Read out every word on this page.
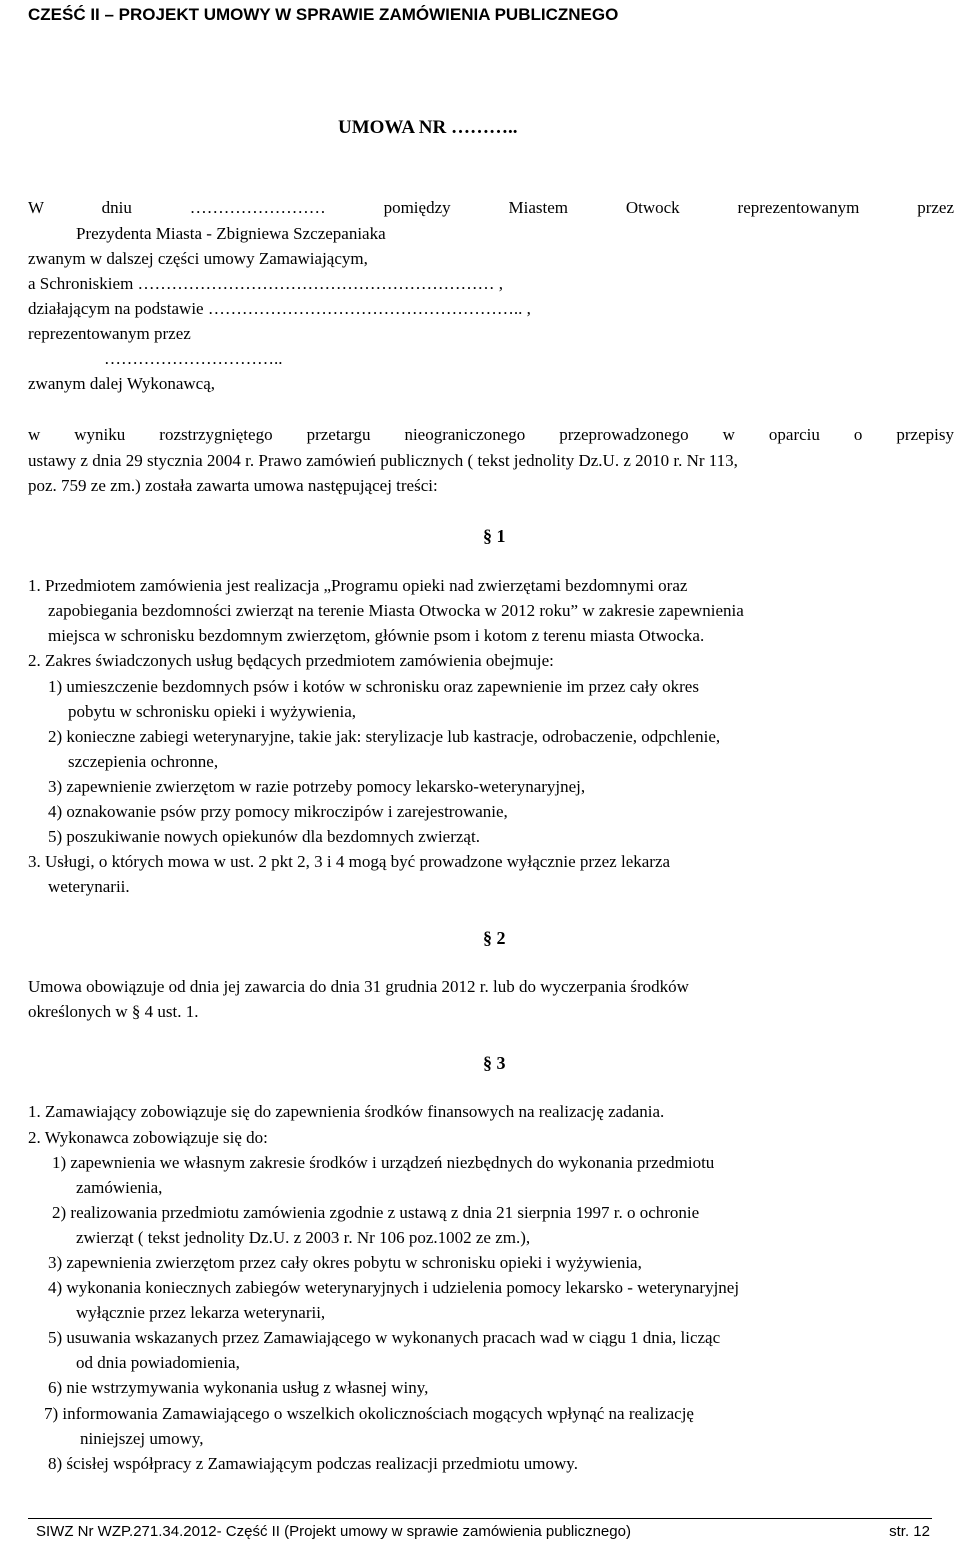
CZEŚĆ II – PROJEKT UMOWY W SPRAWIE ZAMÓWIENIA PUBLICZNEGO
UMOWA NR ………..
W dniu …………………… pomiędzy Miastem Otwock reprezentowanym przez
Prezydenta Miasta - Zbigniewa Szczepaniaka
zwanym w dalszej części umowy Zamawiającym,
a Schroniskiem ……………………………………………………… ,
działającym na podstawie ……………………………………………….. ,
reprezentowanym przez
…………………………..
zwanym dalej Wykonawcą,
w wyniku rozstrzygniętego przetargu nieograniczonego przeprowadzonego w oparciu o przepisy
ustawy z dnia 29 stycznia 2004 r. Prawo zamówień publicznych ( tekst jednolity Dz.U. z 2010 r. Nr 113,
poz. 759 ze zm.) została zawarta umowa następującej treści:
§ 1
1. Przedmiotem zamówienia jest realizacja „Programu opieki nad zwierzętami bezdomnymi oraz
zapobiegania bezdomności zwierząt na terenie Miasta Otwocka w 2012 roku” w zakresie zapewnienia
miejsca w schronisku bezdomnym zwierzętom, głównie psom i kotom z terenu miasta Otwocka.
2. Zakres świadczonych usług będących przedmiotem zamówienia obejmuje:
1) umieszczenie bezdomnych psów i kotów w schronisku oraz zapewnienie im przez cały okres
pobytu w schronisku opieki i wyżywienia,
2) konieczne zabiegi weterynaryjne, takie jak: sterylizacje lub kastracje, odrobaczenie, odpchlenie,
szczepienia ochronne,
3) zapewnienie zwierzętom w razie potrzeby pomocy lekarsko-weterynaryjnej,
4) oznakowanie psów przy pomocy mikroczipów i zarejestrowanie,
5) poszukiwanie nowych opiekunów dla bezdomnych zwierząt.
3. Usługi, o których mowa w ust. 2 pkt 2, 3 i 4 mogą być prowadzone wyłącznie przez lekarza
weterynarii.
§ 2
Umowa obowiązuje od dnia jej zawarcia do dnia 31 grudnia 2012 r. lub do wyczerpania środków
określonych w § 4 ust. 1.
§ 3
1. Zamawiający zobowiązuje się do zapewnienia środków finansowych na realizację zadania.
2. Wykonawca zobowiązuje się do:
1) zapewnienia we własnym zakresie środków i urządzeń niezbędnych do wykonania przedmiotu
zamówienia,
2) realizowania przedmiotu zamówienia zgodnie z ustawą z dnia 21 sierpnia 1997 r. o ochronie
zwierząt ( tekst jednolity Dz.U. z 2003 r. Nr 106 poz.1002 ze zm.),
3) zapewnienia zwierzętom przez cały okres pobytu w schronisku opieki i wyżywienia,
4) wykonania koniecznych zabiegów weterynaryjnych i udzielenia pomocy lekarsko - weterynaryjnej
wyłącznie przez lekarza weterynarii,
5) usuwania wskazanych przez Zamawiającego w wykonanych pracach wad w ciągu 1 dnia, licząc
od dnia powiadomienia,
6) nie wstrzymywania wykonania usług z własnej winy,
7) informowania Zamawiającego o wszelkich okolicznościach mogących wpłynąć na realizację
niniejszej umowy,
8) ścisłej współpracy z Zamawiającym podczas realizacji przedmiotu umowy.
SIWZ Nr WZP.271.34.2012- Część II (Projekt umowy w sprawie zamówienia publicznego)	str. 12
